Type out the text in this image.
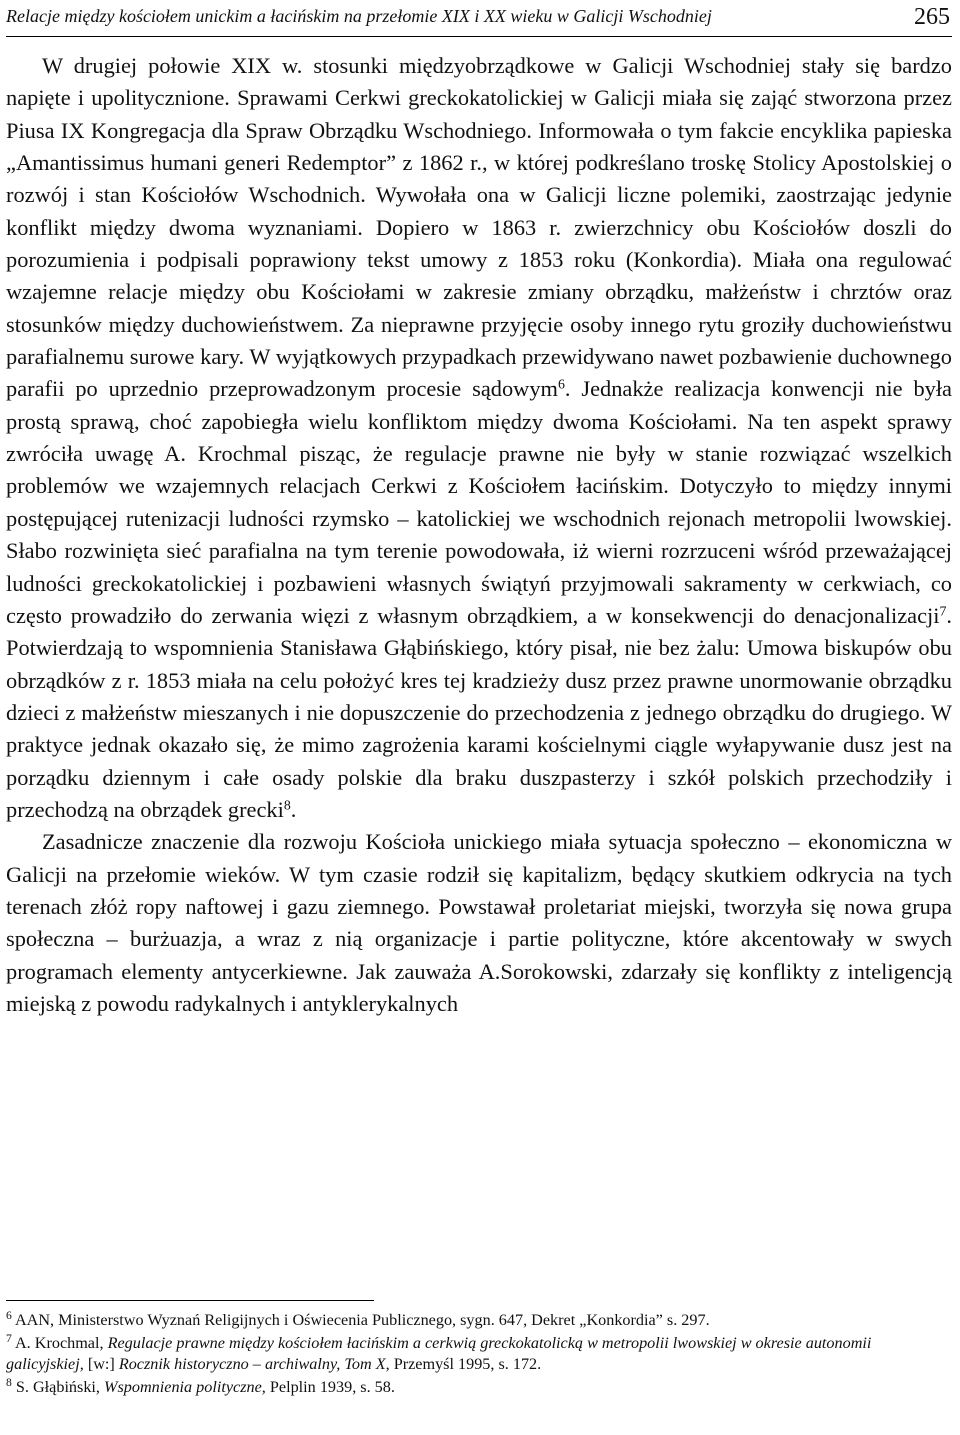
Relacje między kościołem unickim a łacińskim na przełomie XIX i XX wieku w Galicji Wschodniej	265

W drugiej połowie XIX w. stosunki międzyobrządkowe w Galicji Wschodniej stały się bardzo napięte i upolitycznione. Sprawami Cerkwi greckokatolickiej w Galicji miała się zająć stworzona przez Piusa IX Kongregacja dla Spraw Obrządku Wschodniego. Informowała o tym fakcie encyklika papieska „Amantissimus humani generi Redemptor” z 1862 r., w której podkreślano troskę Stolicy Apostolskiej o rozwój i stan Kościołów Wschodnich. Wywołała ona w Galicji liczne polemiki, zaostrzając jedynie konflikt między dwoma wyznaniami. Dopiero w 1863 r. zwierzchnicy obu Kościołów doszli do porozumienia i podpisali poprawiony tekst umowy z 1853 roku (Konkordia). Miała ona regulować wzajemne relacje między obu Kościołami w zakresie zmiany obrządku, małżeństw i chrztów oraz stosunków między duchowieństwem. Za nieprawne przyjęcie osoby innego rytu groziły duchowieństwu parafialnemu surowe kary. W wyjątkowych przypadkach przewidywano nawet pozbawienie duchownego parafii po uprzednio przeprowadzonym procesie sądowym$^6$. Jednakże realizacja konwencji nie była prostą sprawą, choć zapobiegła wielu konfliktom między dwoma Kościołami. Na ten aspekt sprawy zwróciła uwagę A. Krochmal pisząc, że regulacje prawne nie były w stanie rozwiązać wszelkich problemów we wzajemnych relacjach Cerkwi z Kościołem łacińskim. Dotyczyło to między innymi postępującej rutenizacji ludności rzymsko – katolickiej we wschodnich rejonach metropolii lwowskiej. Słabo rozwinięta sieć parafialna na tym terenie powodowała, iż wierni rozrzuceni wśród przeważającej ludności greckokatolickiej i pozbawieni własnych świątyń przyjmowali sakramenty w cerkwiach, co często prowadziło do zerwania więzi z własnym obrządkiem, a w konsekwencji do denacjonalizacji$^7$. Potwierdzają to wspomnienia Stanisława Głąbińskiego, który pisał, nie bez żalu: Umowa biskupów obu obrządków z r. 1853 miała na celu położyć kres tej kradzieży dusz przez prawne unormowanie obrządku dzieci z małżeństw mieszanych i nie dopuszczenie do przechodzenia z jednego obrządku do drugiego. W praktyce jednak okazało się, że mimo zagrożenia karami kościelnymi ciągle wyłapywanie dusz jest na porządku dziennym i całe osady polskie dla braku duszpasterzy i szkół polskich przechodziły i przechodzą na obrządek grecki$^8$.

Zasadnicze znaczenie dla rozwoju Kościoła unickiego miała sytuacja społeczno – ekonomiczna w Galicji na przełomie wieków. W tym czasie rodził się kapitalizm, będący skutkiem odkrycia na tych terenach złóż ropy naftowej i gazu ziemnego. Powstawał proletariat miejski, tworzyła się nowa grupa społeczna – burżuazja, a wraz z nią organizacje i partie polityczne, które akcentowały w swych programach elementy antycerkiewne. Jak zauważa A.Sorokowski, zdarzały się konflikty z inteligencją miejską z powodu radykalnych i antyklerykalnych

$^6$ AAN, Ministerstwo Wyznań Religijnych i Oświecenia Publicznego, sygn. 647, Dekret „Konkordia” s. 297.

$^7$ A. Krochmal, Regulacje prawne między kościołem łacińskim a cerkwią greckokatolicką w metropolii lwowskiej w okresie autonomii galicyjskiej, [w:] Rocznik historyczno – archiwalny, Tom X, Przemyśl 1995, s. 172.

$^8$ S. Głąbiński, Wspomnienia polityczne, Pelplin 1939, s. 58.
